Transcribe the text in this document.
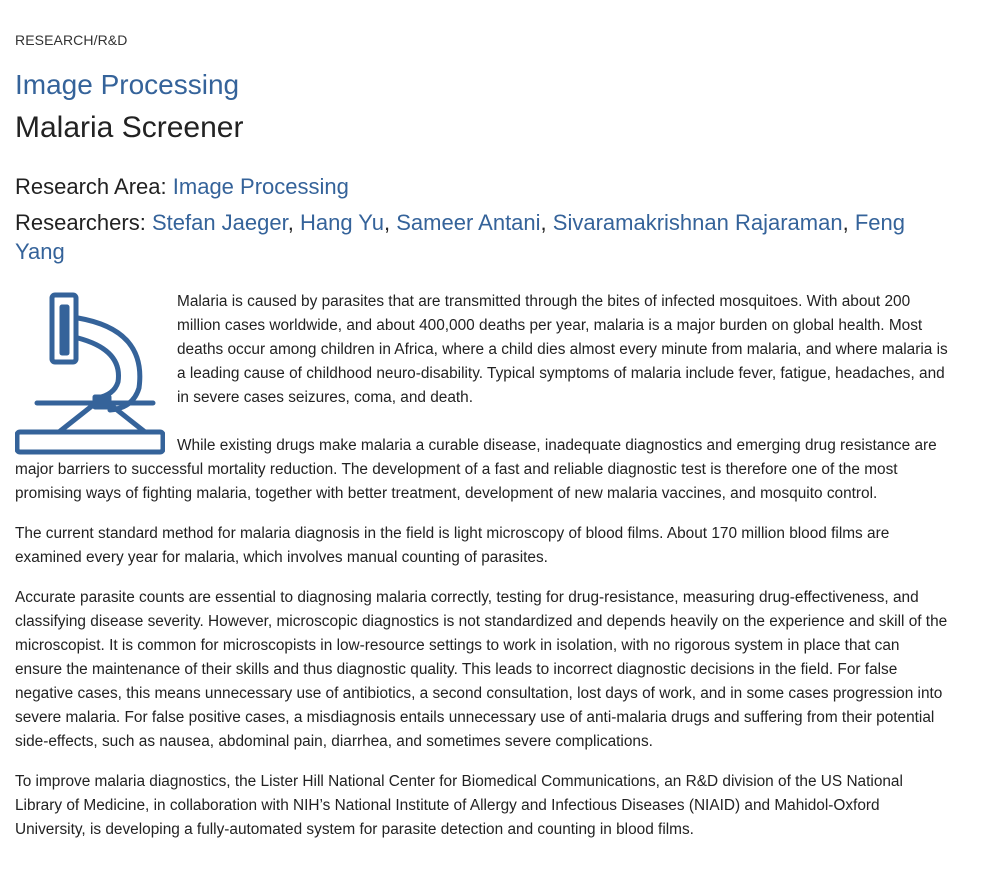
RESEARCH/R&D
Image Processing
Malaria Screener
Research Area: Image Processing
Researchers: Stefan Jaeger, Hang Yu, Sameer Antani, Sivaramakrishnan Rajaraman, Feng Yang

Malaria is caused by parasites that are transmitted through the bites of infected mosquitoes. With about 200 million cases worldwide, and about 400,000 deaths per year, malaria is a major burden on global health. Most deaths occur among children in Africa, where a child dies almost every minute from malaria, and where malaria is a leading cause of childhood neuro-disability. Typical symptoms of malaria include fever, fatigue, headaches, and in severe cases seizures, coma, and death.

While existing drugs make malaria a curable disease, inadequate diagnostics and emerging drug resistance are major barriers to successful mortality reduction. The development of a fast and reliable diagnostic test is therefore one of the most promising ways of fighting malaria, together with better treatment, development of new malaria vaccines, and mosquito control.

The current standard method for malaria diagnosis in the field is light microscopy of blood films. About 170 million blood films are examined every year for malaria, which involves manual counting of parasites.

Accurate parasite counts are essential to diagnosing malaria correctly, testing for drug-resistance, measuring drug-effectiveness, and classifying disease severity. However, microscopic diagnostics is not standardized and depends heavily on the experience and skill of the microscopist. It is common for microscopists in low-resource settings to work in isolation, with no rigorous system in place that can ensure the maintenance of their skills and thus diagnostic quality. This leads to incorrect diagnostic decisions in the field. For false negative cases, this means unnecessary use of antibiotics, a second consultation, lost days of work, and in some cases progression into severe malaria. For false positive cases, a misdiagnosis entails unnecessary use of anti-malaria drugs and suffering from their potential side-effects, such as nausea, abdominal pain, diarrhea, and sometimes severe complications.

To improve malaria diagnostics, the Lister Hill National Center for Biomedical Communications, an R&D division of the US National Library of Medicine, in collaboration with NIH’s National Institute of Allergy and Infectious Diseases (NIAID) and Mahidol-Oxford University, is developing a fully-automated system for parasite detection and counting in blood films.
